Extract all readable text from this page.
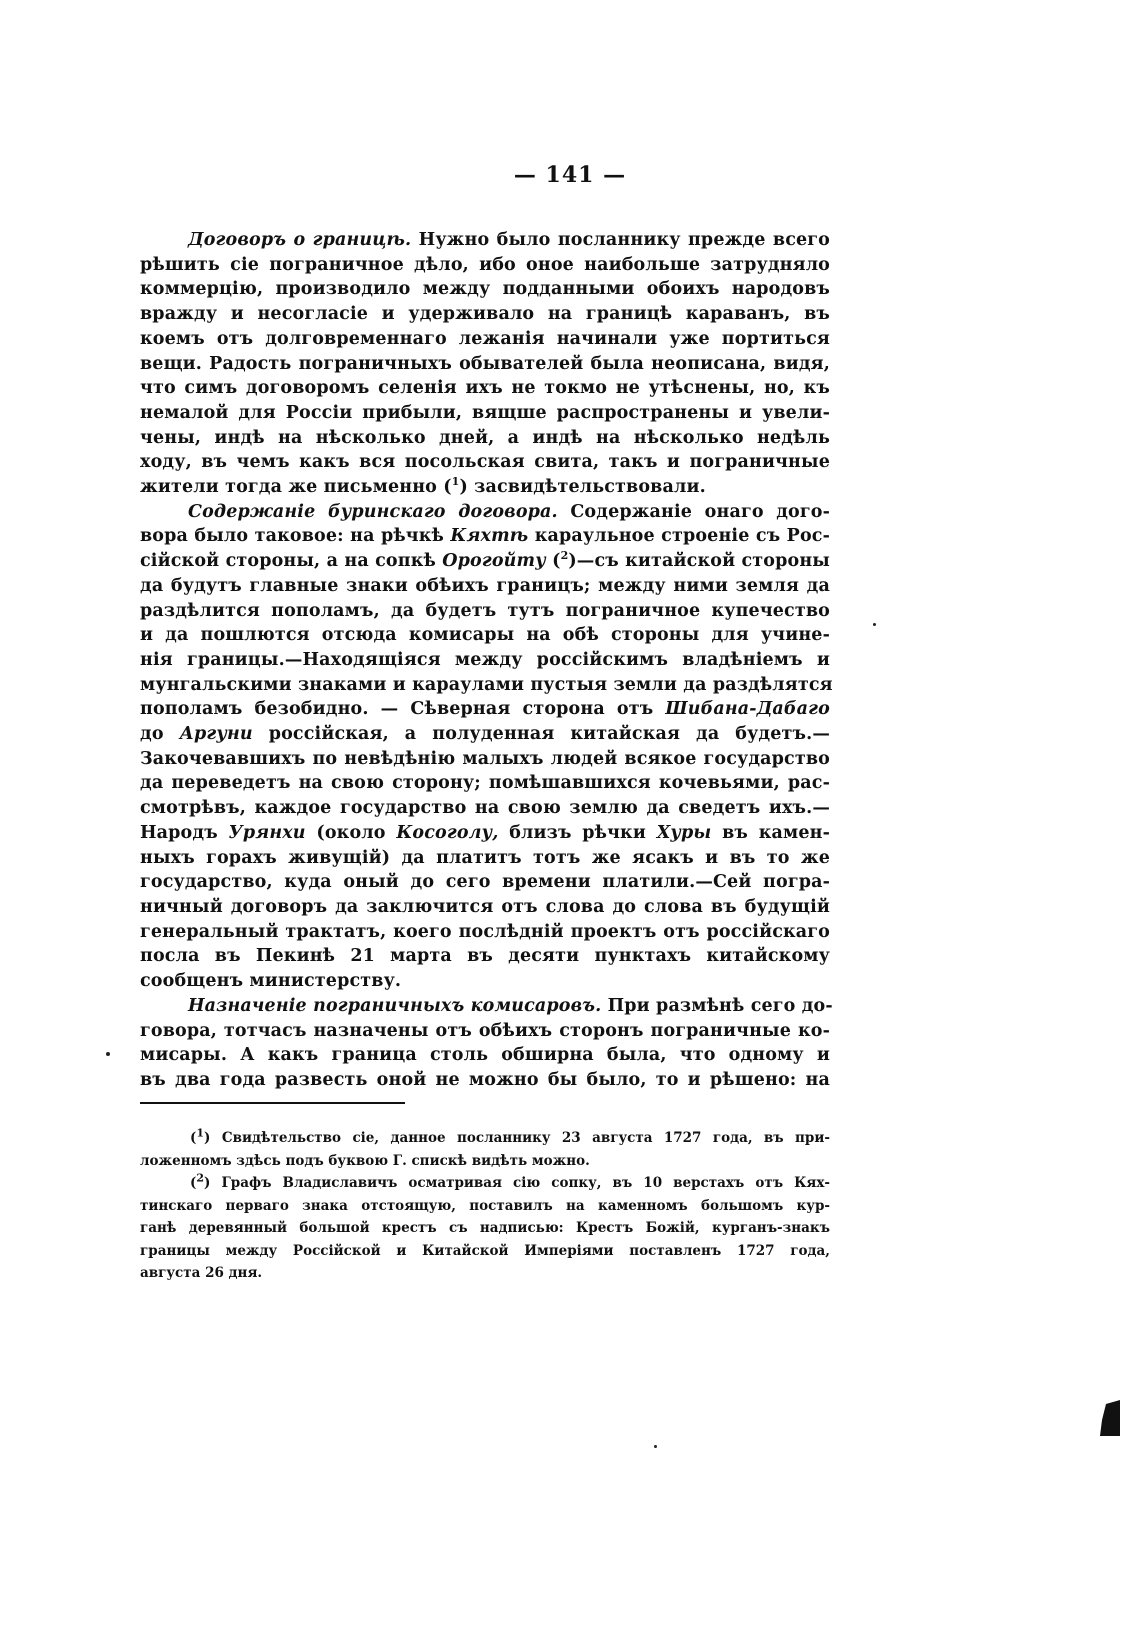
— 141 —
Договоръ о границѣ. Нужно было посланнику прежде всего
рѣшить сіе пограничное дѣло, ибо оное наибольше затрудняло
коммерцію, производило между подданными обоихъ народовъ
вражду и несогласіе и удерживало на границѣ караванъ, въ
коемъ отъ долговременнаго лежанія начинали уже портиться
вещи. Радость пограничныхъ обывателей была неописана, видя,
что симъ договоромъ селенія ихъ не токмо не утѣснены, но, къ
немалой для Россіи прибыли, вящше распространены и увели-
чены, индѣ на нѣсколько дней, а индѣ на нѣсколько недѣль
ходу, въ чемъ какъ вся посольская свита, такъ и пограничные
жители тогда же письменно ($^1$) засвидѣтельствовали.
Содержаніе буринскаго договора. Содержаніе онаго дого-
вора было таковое: на рѣчкѣ Кяхтѣ караульное строеніе съ Рос-
сійской стороны, а на сопкѣ Орогойту ($^2$)—съ китайской стороны
да будутъ главные знаки обѣихъ границъ; между ними земля да
раздѣлится пополамъ, да будетъ тутъ пограничное купечество
и да пошлются отсюда комисары на обѣ стороны для учине-
нія границы.—Находящіяся между россійскимъ владѣніемъ и
мунгальскими знаками и караулами пустыя земли да раздѣлятся
пополамъ безобидно. — Сѣверная сторона отъ Шибана-Дабаго
до Аргуни россійская, а полуденная китайская да будетъ.—
Закочевавшихъ по невѣдѣнію малыхъ людей всякое государство
да переведетъ на свою сторону; помѣшавшихся кочевьями, рас-
смотрѣвъ, каждое государство на свою землю да сведетъ ихъ.—
Народъ Урянхи (около Косоголу, близъ рѣчки Хуры въ камен-
ныхъ горахъ живущій) да платитъ тотъ же ясакъ и въ то же
государство, куда оный до сего времени платили.—Сей погра-
ничный договоръ да заключится отъ слова до слова въ будущій
генеральный трактатъ, коего послѣдній проектъ отъ россійскаго
посла въ Пекинѣ 21 марта въ десяти пунктахъ китайскому
сообщенъ министерству.
Назначеніе пограничныхъ комисаровъ. При размѣнѣ сего до-
говора, тотчасъ назначены отъ обѣихъ сторонъ пограничные ко-
мисары. А какъ граница столь обширна была, что одному и
въ два года развесть оной не можно бы было, то и рѣшено: на
($^1$) Свидѣтельство сіе, данное посланнику 23 августа 1727 года, въ при-
ложенномъ здѣсь подъ буквою Г. спискѣ видѣть можно.
($^2$) Графъ Владиславичъ осматривая сію сопку, въ 10 верстахъ отъ Кях-
тинскаго перваго знака отстоящую, поставилъ на каменномъ большомъ кур-
ганѣ деревянный большой крестъ съ надписью: Крестъ Божій, курганъ-знакъ
границы между Россійской и Китайской Имперіями поставленъ 1727 года,
августа 26 дня.
